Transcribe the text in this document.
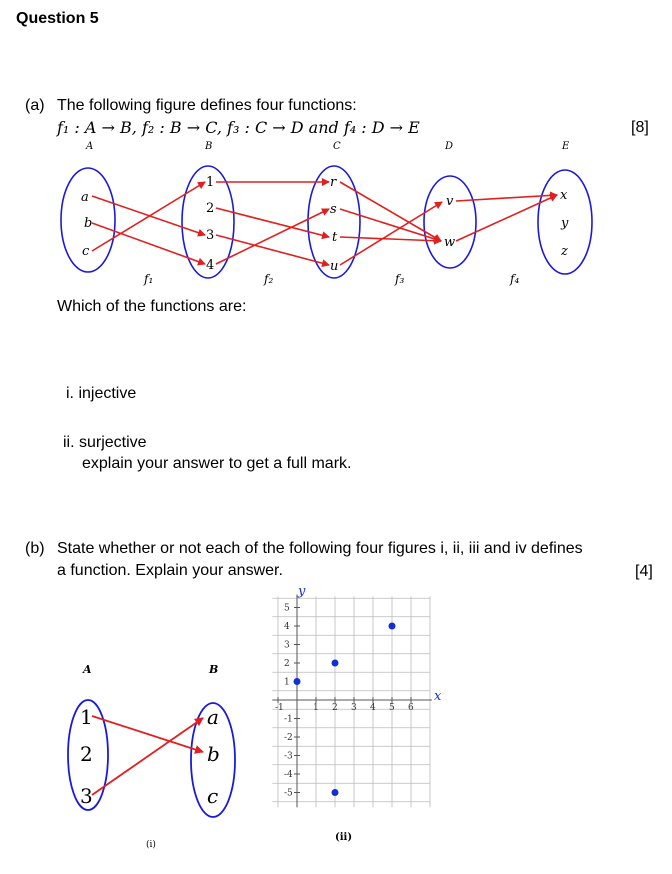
Question 5
(a) The following figure defines four functions:
f₁ : A → B, f₂ : B → C, f₃ : C → D and f₄ : D → E	[8]
A	B	C	D	E
a
b
c
1
2
3
4
r
s
t
u
v
w
x
y
z
f₁	f₂	f₃	f₄
Which of the functions are:
i. injective
ii. surjective
explain your answer to get a full mark.
(b) State whether or not each of the following four figures i, ii, iii and iv defines
a function. Explain your answer.	[4]
A	B
1
2
3
a
b
c
(i)
-1	1 2 3 4 5 6
5
4
3
2
1
-1
-2
-3
-4
-5
y
x
(ii)
